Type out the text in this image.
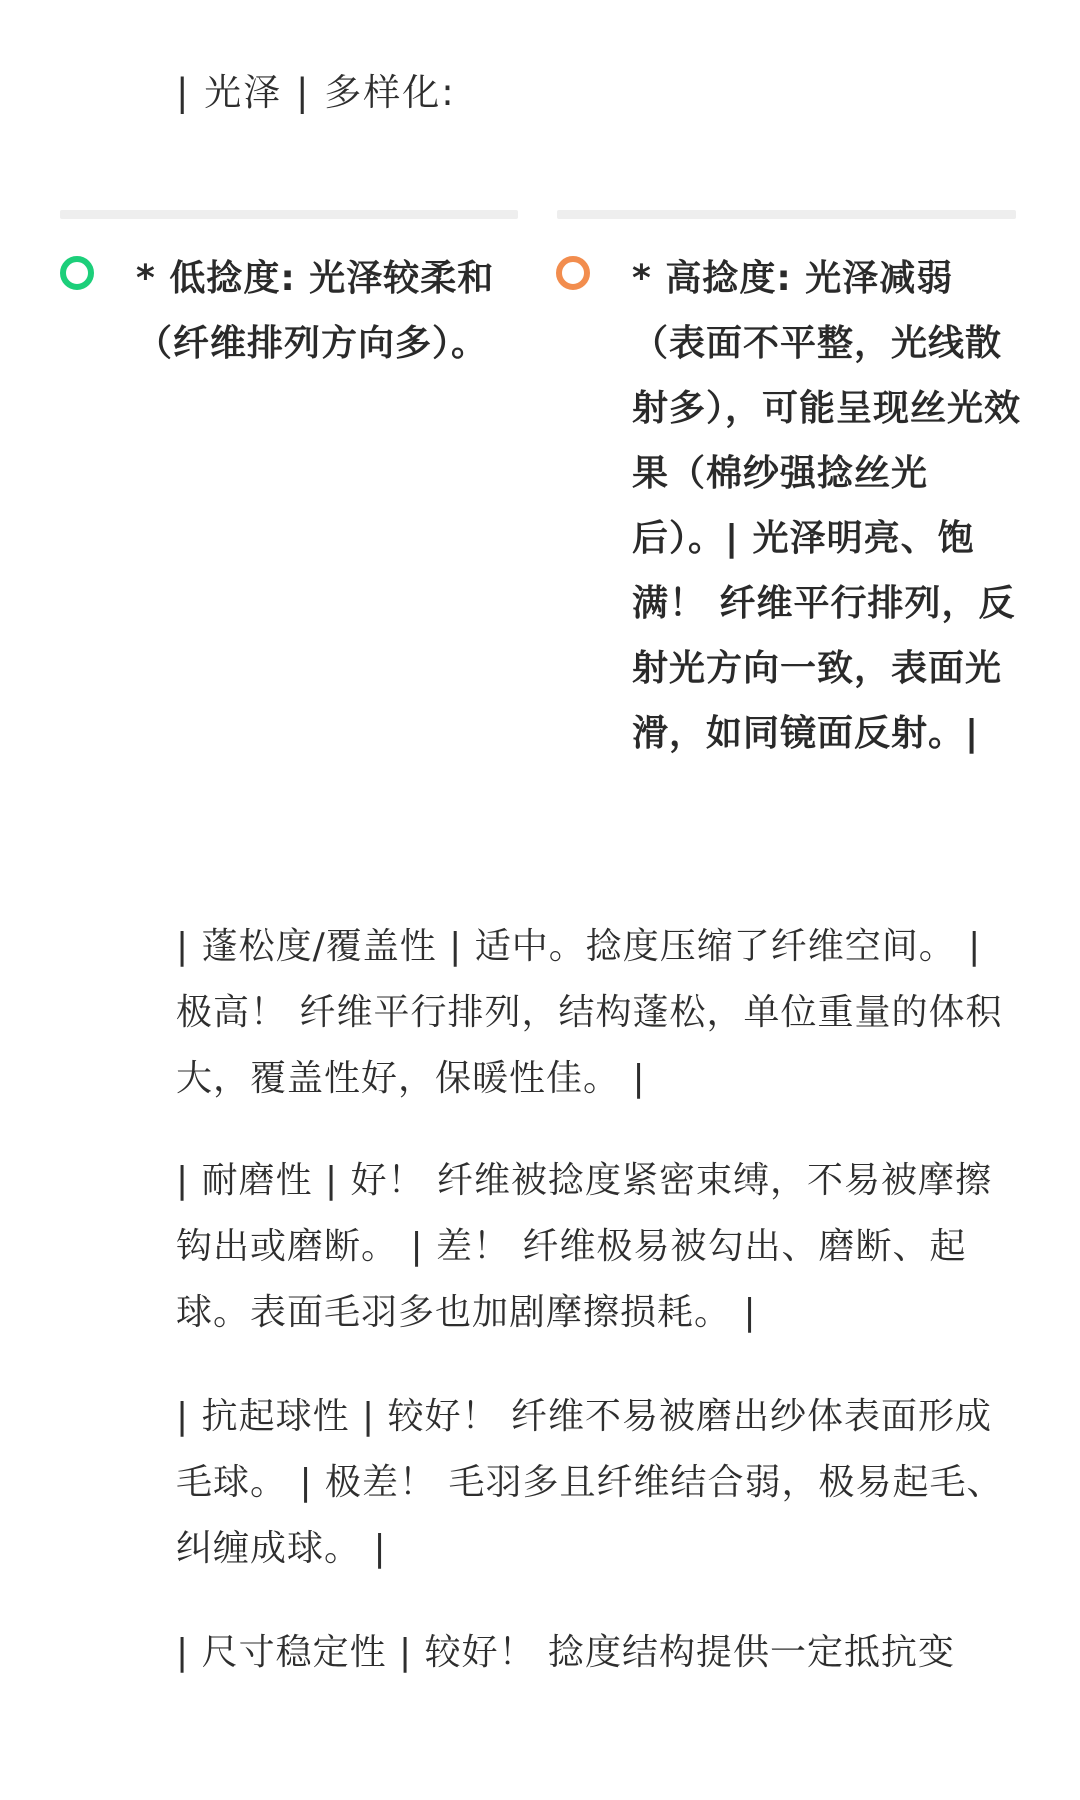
| 光泽 | 多样化:
* 低捻度: 光泽较柔和（纤维排列方向多）。
* 高捻度: 光泽减弱（表面不平整，光线散射多），可能呈现丝光效果（棉纱强捻丝光后）。| 光泽明亮、饱满！ 纤维平行排列，反射光方向一致，表面光滑，如同镜面反射。|
| 蓬松度/覆盖性 | 适中。捻度压缩了纤维空间。 | 极高！ 纤维平行排列，结构蓬松，单位重量的体积大，覆盖性好，保暖性佳。 |
| 耐磨性 | 好！ 纤维被捻度紧密束缚，不易被摩擦钩出或磨断。 | 差！ 纤维极易被勾出、磨断、起球。表面毛羽多也加剧摩擦损耗。 |
| 抗起球性 | 较好！ 纤维不易被磨出纱体表面形成毛球。 | 极差！ 毛羽多且纤维结合弱，极易起毛、纠缠成球。 |
| 尺寸稳定性 | 较好！ 捻度结构提供一定抵抗变
